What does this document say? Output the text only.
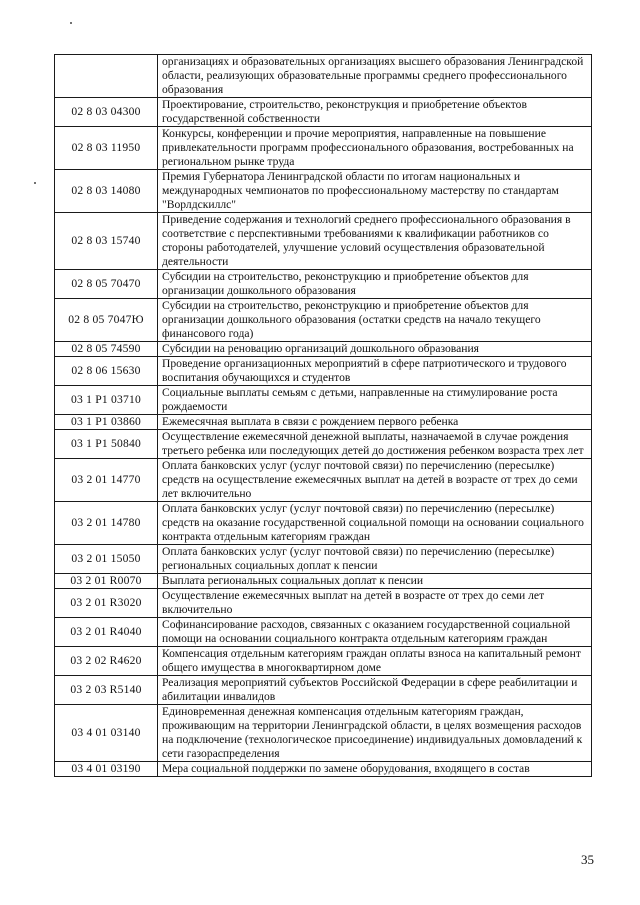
	организациях и образовательных организациях высшего образования Ленинградской области, реализующих образовательные программы среднего профессионального образования
02 8 03 04300	Проектирование, строительство, реконструкция и приобретение объектов государственной собственности
02 8 03 11950	Конкурсы, конференции и прочие мероприятия, направленные на повышение привлекательности программ профессионального образования, востребованных на региональном рынке труда
02 8 03 14080	Премия Губернатора Ленинградской области по итогам национальных и международных чемпионатов по профессиональному мастерству по стандартам "Ворлдскиллс"
02 8 03 15740	Приведение содержания и технологий среднего профессионального образования в соответствие с перспективными требованиями к квалификации работников со стороны работодателей, улучшение условий осуществления образовательной деятельности
02 8 05 70470	Субсидии на строительство, реконструкцию и приобретение объектов для организации дошкольного образования
02 8 05 7047Ю	Субсидии на строительство, реконструкцию и приобретение объектов для организации дошкольного образования (остатки средств на начало текущего финансового года)
02 8 05 74590	Субсидии на реновацию организаций дошкольного образования
02 8 06 15630	Проведение организационных мероприятий в сфере патриотического и трудового воспитания обучающихся и студентов
03 1 P1 03710	Социальные выплаты семьям с детьми, направленные на стимулирование роста рождаемости
03 1 P1 03860	Ежемесячная выплата в связи с рождением первого ребенка
03 1 P1 50840	Осуществление ежемесячной денежной выплаты, назначаемой в случае рождения третьего ребенка или последующих детей до достижения ребенком возраста трех лет
03 2 01 14770	Оплата банковских услуг (услуг почтовой связи) по перечислению (пересылке) средств на осуществление ежемесячных выплат на детей в возрасте от трех до семи лет включительно
03 2 01 14780	Оплата банковских услуг (услуг почтовой связи) по перечислению (пересылке) средств на оказание государственной социальной помощи на основании социального контракта отдельным категориям граждан
03 2 01 15050	Оплата банковских услуг (услуг почтовой связи) по перечислению (пересылке) региональных социальных доплат к пенсии
03 2 01 R0070	Выплата региональных социальных доплат к пенсии
03 2 01 R3020	Осуществление ежемесячных выплат на детей в возрасте от трех до семи лет включительно
03 2 01 R4040	Софинансирование расходов, связанных с оказанием государственной социальной помощи на основании социального контракта отдельным категориям граждан
03 2 02 R4620	Компенсация отдельным категориям граждан оплаты взноса на капитальный ремонт общего имущества в многоквартирном доме
03 2 03 R5140	Реализация мероприятий субъектов Российской Федерации в сфере реабилитации и абилитации инвалидов
03 4 01 03140	Единовременная денежная компенсация отдельным категориям граждан, проживающим на территории Ленинградской области, в целях возмещения расходов на подключение (технологическое присоединение) индивидуальных домовладений к сети газораспределения
03 4 01 03190	Мера социальной поддержки по замене оборудования, входящего в состав
35
